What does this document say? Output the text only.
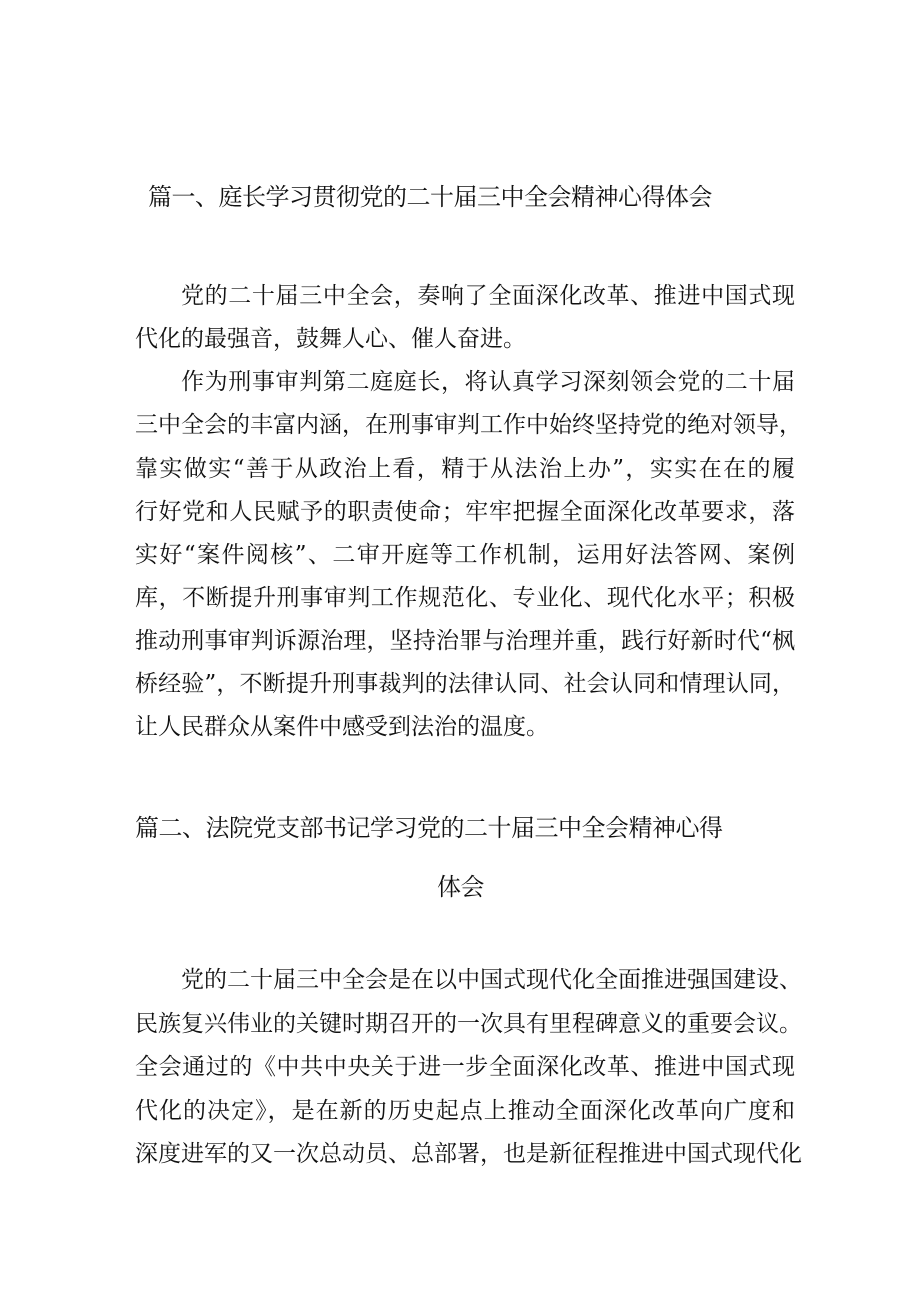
篇一、庭长学习贯彻党的二十届三中全会精神心得体会
党的二十届三中全会，奏响了全面深化改革、推进中国式现
代化的最强音，鼓舞人心、催人奋进。
作为刑事审判第二庭庭长，将认真学习深刻领会党的二十届
三中全会的丰富内涵，在刑事审判工作中始终坚持党的绝对领导，
靠实做实“善于从政治上看，精于从法治上办”，实实在在的履
行好党和人民赋予的职责使命；牢牢把握全面深化改革要求，落
实好“案件阅核”、二审开庭等工作机制，运用好法答网、案例
库，不断提升刑事审判工作规范化、专业化、现代化水平；积极
推动刑事审判诉源治理，坚持治罪与治理并重，践行好新时代“枫
桥经验”，不断提升刑事裁判的法律认同、社会认同和情理认同，
让人民群众从案件中感受到法治的温度。
篇二、法院党支部书记学习党的二十届三中全会精神心得
体会
党的二十届三中全会是在以中国式现代化全面推进强国建设、
民族复兴伟业的关键时期召开的一次具有里程碑意义的重要会议。
全会通过的《中共中央关于进一步全面深化改革、推进中国式现
代化的决定》，是在新的历史起点上推动全面深化改革向广度和
深度进军的又一次总动员、总部署，也是新征程推进中国式现代化
